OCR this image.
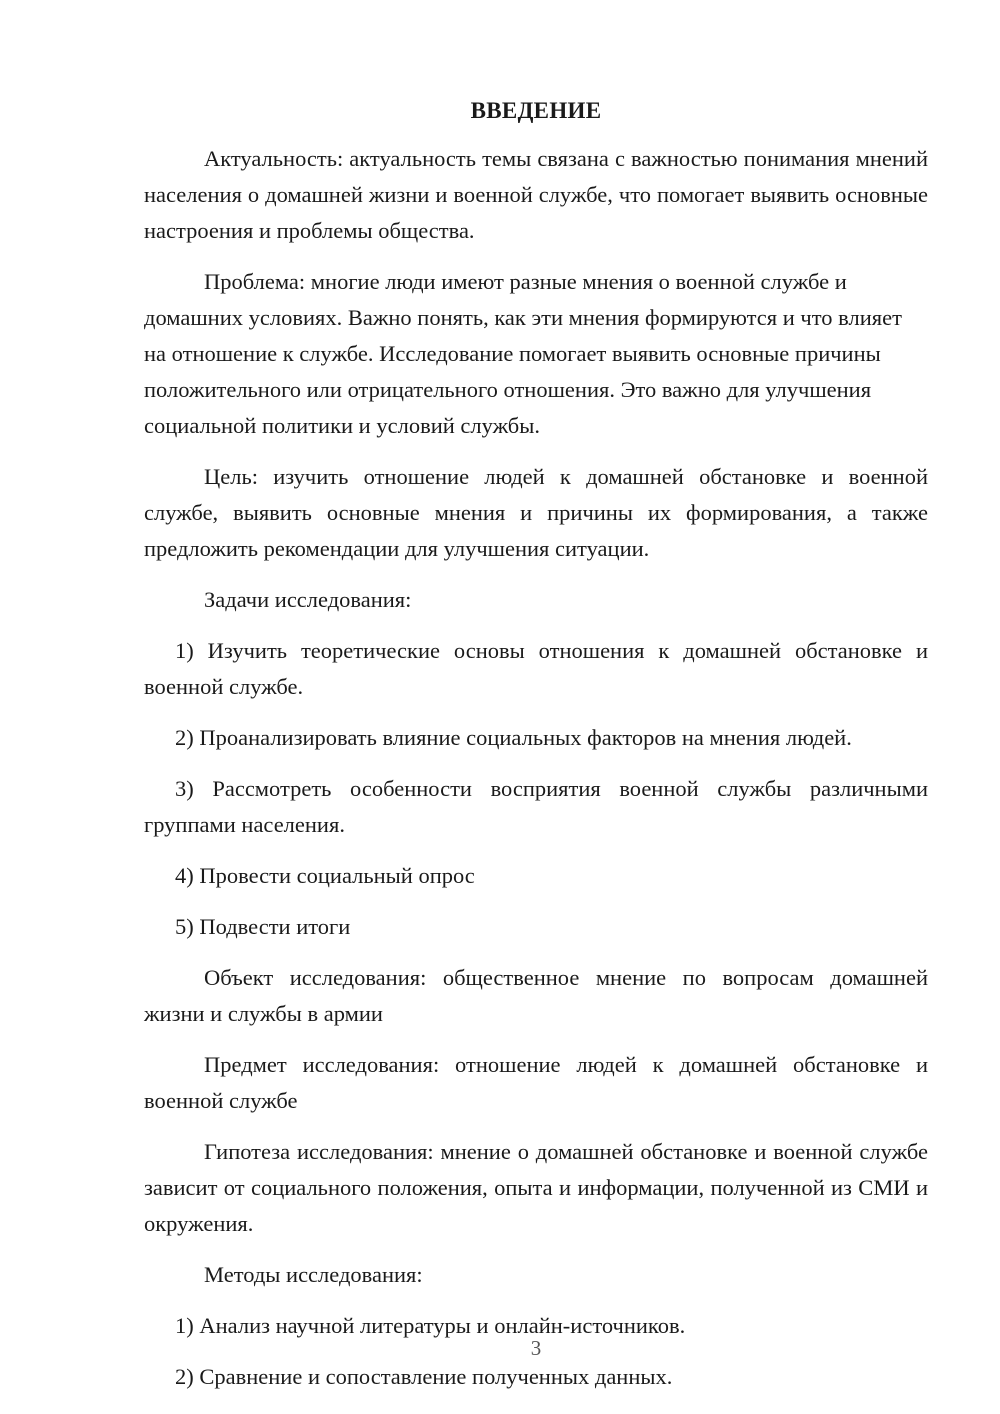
ВВЕДЕНИЕ

Актуальность: актуальность темы связана с важностью понимания мнений населения о домашней жизни и военной службе, что помогает выявить основные настроения и проблемы общества.

Проблема: многие люди имеют разные мнения о военной службе и домашних условиях. Важно понять, как эти мнения формируются и что влияет на отношение к службе. Исследование помогает выявить основные причины положительного или отрицательного отношения. Это важно для улучшения социальной политики и условий службы.

Цель: изучить отношение людей к домашней обстановке и военной службе, выявить основные мнения и причины их формирования, а также предложить рекомендации для улучшения ситуации.

Задачи исследования:

1) Изучить теоретические основы отношения к домашней обстановке и военной службе.

2) Проанализировать влияние социальных факторов на мнения людей.

3) Рассмотреть особенности восприятия военной службы различными группами населения.

4) Провести социальный опрос

5) Подвести итоги

Объект исследования: общественное мнение по вопросам домашней жизни и службы в армии

Предмет исследования: отношение людей к домашней обстановке и военной службе

Гипотеза исследования: мнение о домашней обстановке и военной службе зависит от социального положения, опыта и информации, полученной из СМИ и окружения.

Методы исследования:

1) Анализ научной литературы и онлайн-источников.

2) Сравнение и сопоставление полученных данных.

3
